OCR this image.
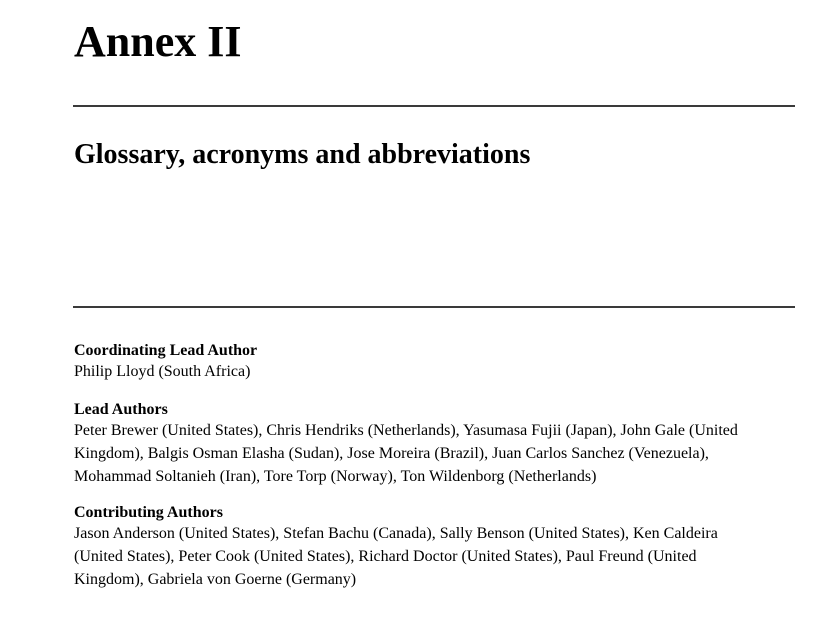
Annex II
Glossary, acronyms and abbreviations

Coordinating Lead Author

Philip Lloyd (South Africa)

Lead Authors

Peter Brewer (United States), Chris Hendriks (Netherlands), Yasumasa Fujii (Japan), John Gale (United
Kingdom), Balgis Osman Elasha (Sudan), Jose Moreira (Brazil), Juan Carlos Sanchez (Venezuela),
Mohammad Soltanieh (Iran), Tore Torp (Norway), Ton Wildenborg (Netherlands)

Contributing Authors

Jason Anderson (United States), Stefan Bachu (Canada), Sally Benson (United States), Ken Caldeira
(United States), Peter Cook (United States), Richard Doctor (United States), Paul Freund (United
Kingdom), Gabriela von Goerne (Germany)
